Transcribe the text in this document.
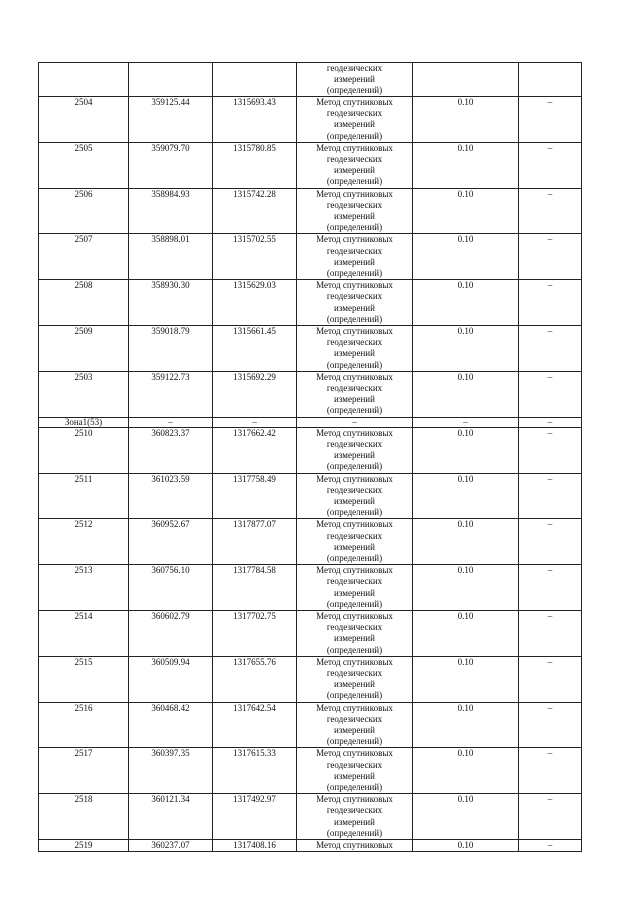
			геодезических
измерений
(определений)		
2504	359125.44	1315693.43	Метод спутниковых
геодезических
измерений
(определений)	0.10	–
2505	359079.70	1315780.85	Метод спутниковых
геодезических
измерений
(определений)	0.10	–
2506	358984.93	1315742.28	Метод спутниковых
геодезических
измерений
(определений)	0.10	–
2507	358898.01	1315702.55	Метод спутниковых
геодезических
измерений
(определений)	0.10	–
2508	358930.30	1315629.03	Метод спутниковых
геодезических
измерений
(определений)	0.10	–
2509	359018.79	1315661.45	Метод спутниковых
геодезических
измерений
(определений)	0.10	–
2503	359122.73	1315692.29	Метод спутниковых
геодезических
измерений
(определений)	0.10	–
Зона1(53)	–	–	–	–	–
2510	360823.37	1317662.42	Метод спутниковых
геодезических
измерений
(определений)	0.10	–
2511	361023.59	1317758.49	Метод спутниковых
геодезических
измерений
(определений)	0.10	–
2512	360952.67	1317877.07	Метод спутниковых
геодезических
измерений
(определений)	0.10	–
2513	360756.10	1317784.58	Метод спутниковых
геодезических
измерений
(определений)	0.10	–
2514	360602.79	1317702.75	Метод спутниковых
геодезических
измерений
(определений)	0.10	–
2515	360509.94	1317655.76	Метод спутниковых
геодезических
измерений
(определений)	0.10	–
2516	360468.42	1317642.54	Метод спутниковых
геодезических
измерений
(определений)	0.10	–
2517	360397.35	1317615.33	Метод спутниковых
геодезических
измерений
(определений)	0.10	–
2518	360121.34	1317492.97	Метод спутниковых
геодезических
измерений
(определений)	0.10	–
2519	360237.07	1317408.16	Метод спутниковых	0.10	–
